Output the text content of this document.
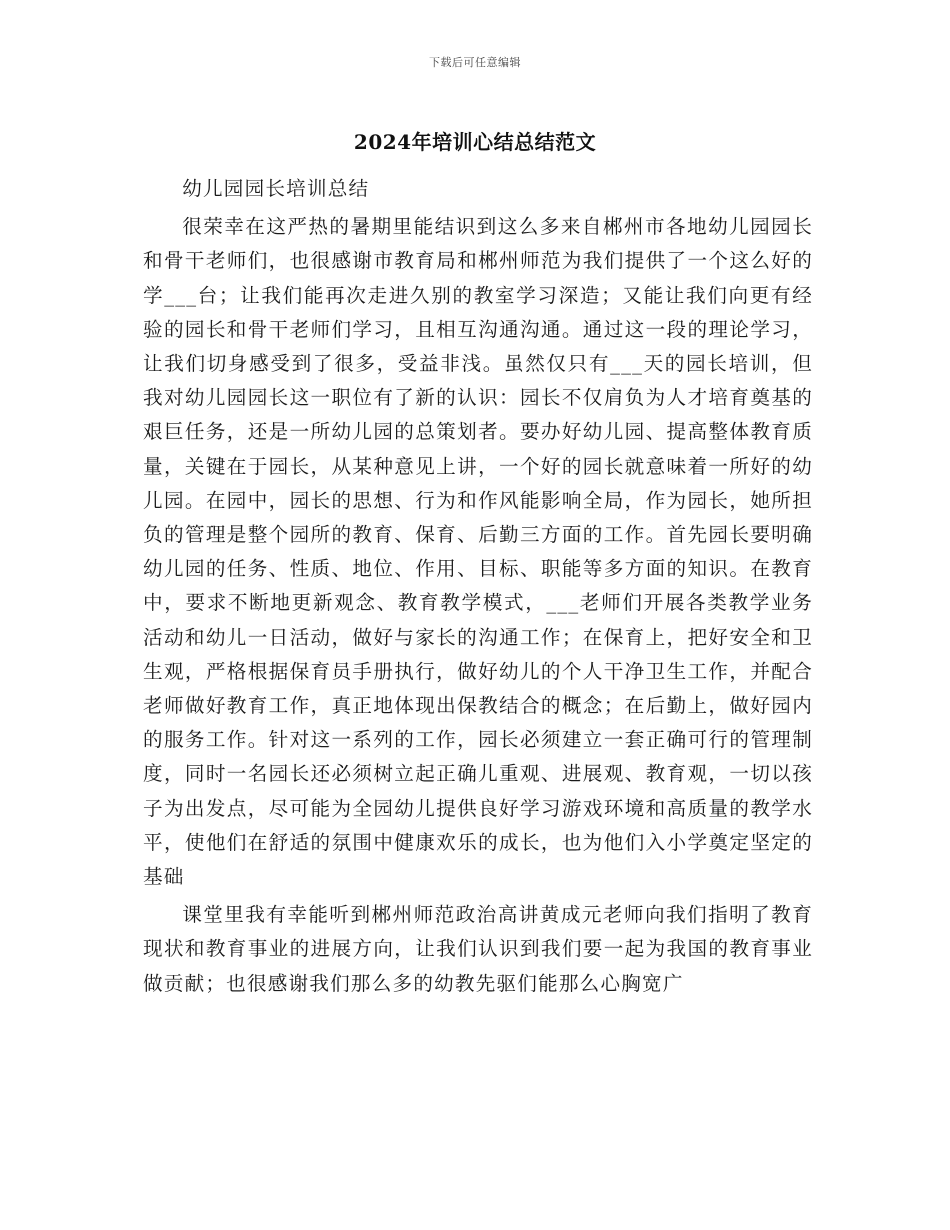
下载后可任意编辑
2024年培训心结总结范文

幼儿园园长培训总结

很荣幸在这严热的暑期里能结识到这么多来自郴州市各地幼儿园园长和骨干老师们，也很感谢市教育局和郴州师范为我们提供了一个这么好的学___台；让我们能再次走进久别的教室学习深造；又能让我们向更有经验的园长和骨干老师们学习，且相互沟通沟通。通过这一段的理论学习，让我们切身感受到了很多，受益非浅。虽然仅只有___天的园长培训，但我对幼儿园园长这一职位有了新的认识：园长不仅肩负为人才培育奠基的艰巨任务，还是一所幼儿园的总策划者。要办好幼儿园、提高整体教育质量，关键在于园长，从某种意见上讲，一个好的园长就意味着一所好的幼儿园。在园中，园长的思想、行为和作风能影响全局，作为园长，她所担负的管理是整个园所的教育、保育、后勤三方面的工作。首先园长要明确幼儿园的任务、性质、地位、作用、目标、职能等多方面的知识。在教育中，要求不断地更新观念、教育教学模式，___老师们开展各类教学业务活动和幼儿一日活动，做好与家长的沟通工作；在保育上，把好安全和卫生观，严格根据保育员手册执行，做好幼儿的个人干净卫生工作，并配合老师做好教育工作，真正地体现出保教结合的概念；在后勤上，做好园内的服务工作。针对这一系列的工作，园长必须建立一套正确可行的管理制度，同时一名园长还必须树立起正确儿重观、进展观、教育观，一切以孩子为出发点，尽可能为全园幼儿提供良好学习游戏环境和高质量的教学水平，使他们在舒适的氛围中健康欢乐的成长，也为他们入小学奠定坚定的基础

课堂里我有幸能听到郴州师范政治高讲黄成元老师向我们指明了教育现状和教育事业的进展方向，让我们认识到我们要一起为我国的教育事业做贡献；也很感谢我们那么多的幼教先驱们能那么心胸宽广
